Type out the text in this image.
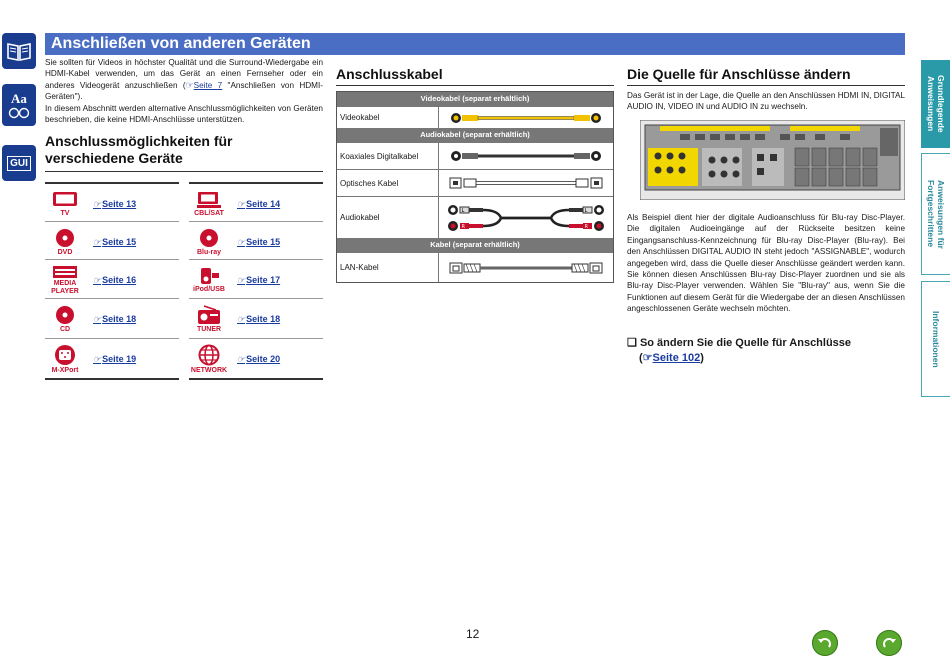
Aa
GUI
Anschließen von anderen Geräten
Grundlegende Anweisungen
Anweisungen für Fortgeschrittene
Informationen
Sie sollten für Videos in höchster Qualität und die Surround-Wiedergabe ein HDMI-Kabel verwenden, um das Gerät an einen Fernseher oder ein anderes Videogerät anzuschließen (☞Seite 7 "Anschließen von HDMI-Geräten").
In diesem Abschnitt werden alternative Anschlussmöglichkeiten von Geräten beschrieben, die keine HDMI-Anschlüsse unterstützen.
Anschlussmöglichkeiten für verschiedene Geräte
TV
☞Seite 13
DVD
☞Seite 15
MEDIA PLAYER
☞Seite 16
CD
☞Seite 18
M-XPort
☞Seite 19
CBL/SAT
☞Seite 14
Blu-ray
☞Seite 15
iPod/USB
☞Seite 17
TUNER
☞Seite 18
NETWORK
☞Seite 20
Anschlusskabel
Videokabel (separat erhältlich)
Videokabel
Audiokabel (separat erhältlich)
Koaxiales Digitalkabel
Optisches Kabel
Audiokabel
L
R
L
R
Kabel (separat erhältlich)
LAN-Kabel
Die Quelle für Anschlüsse ändern
Das Gerät ist in der Lage, die Quelle an den Anschlüssen HDMI IN, DIGITAL AUDIO IN, VIDEO IN und AUDIO IN zu wechseln.
Als Beispiel dient hier der digitale Audioanschluss für Blu-ray Disc-Player. Die digitalen Audioeingänge auf der Rückseite besitzen keine Eingangsanschluss-Kennzeichnung für Blu-ray Disc-Player (Blu-ray). Bei den Anschlüssen DIGITAL AUDIO IN steht jedoch "ASSIGNABLE", wodurch angegeben wird, dass die Quelle dieser Anschlüsse geändert werden kann. Sie können diesen Anschlüssen Blu-ray Disc-Player zuordnen und sie als Blu-ray Disc-Player verwenden. Wählen Sie "Blu-ray" aus, wenn Sie die Funktionen auf diesem Gerät für die Wiedergabe der an diesen Anschlüssen angeschlossenen Geräte wechseln möchten.
❑ So ändern Sie die Quelle für Anschlüsse
(☞Seite 102)
12
